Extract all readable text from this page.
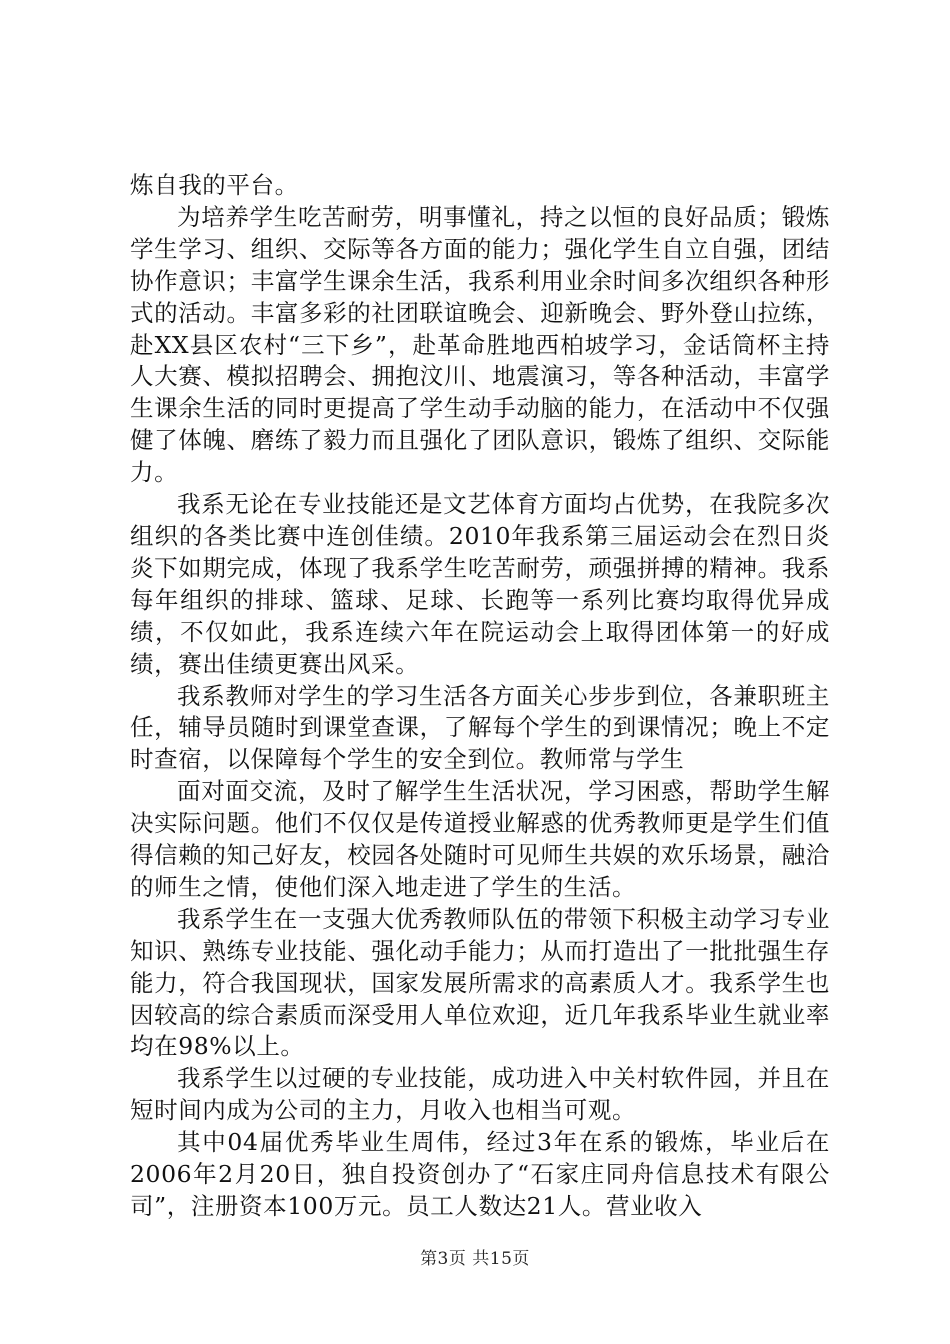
炼自我的平台。

为培养学生吃苦耐劳，明事懂礼，持之以恒的良好品质；锻炼学生学习、组织、交际等各方面的能力；强化学生自立自强，团结协作意识；丰富学生课余生活，我系利用业余时间多次组织各种形式的活动。丰富多彩的社团联谊晚会、迎新晚会、野外登山拉练，赴XX县区农村“三下乡”，赴革命胜地西柏坡学习，金话筒杯主持人大赛、模拟招聘会、拥抱汶川、地震演习，等各种活动，丰富学生课余生活的同时更提高了学生动手动脑的能力，在活动中不仅强健了体魄、磨练了毅力而且强化了团队意识，锻炼了组织、交际能力。

我系无论在专业技能还是文艺体育方面均占优势，在我院多次组织的各类比赛中连创佳绩。2010年我系第三届运动会在烈日炎炎下如期完成，体现了我系学生吃苦耐劳，顽强拼搏的精神。我系每年组织的排球、篮球、足球、长跑等一系列比赛均取得优异成绩，不仅如此，我系连续六年在院运动会上取得团体第一的好成绩，赛出佳绩更赛出风采。

我系教师对学生的学习生活各方面关心步步到位，各兼职班主任，辅导员随时到课堂查课，了解每个学生的到课情况；晚上不定时查宿，以保障每个学生的安全到位。教师常与学生

面对面交流，及时了解学生生活状况，学习困惑，帮助学生解决实际问题。他们不仅仅是传道授业解惑的优秀教师更是学生们值得信赖的知己好友，校园各处随时可见师生共娱的欢乐场景，融洽的师生之情，使他们深入地走进了学生的生活。

我系学生在一支强大优秀教师队伍的带领下积极主动学习专业知识、熟练专业技能、强化动手能力；从而打造出了一批批强生存能力，符合我国现状，国家发展所需求的高素质人才。我系学生也因较高的综合素质而深受用人单位欢迎，近几年我系毕业生就业率均在98%以上。

我系学生以过硬的专业技能，成功进入中关村软件园，并且在短时间内成为公司的主力，月收入也相当可观。

其中04届优秀毕业生周伟，经过3年在系的锻炼，毕业后在2006年2月20日，独自投资创办了“石家庄同舟信息技术有限公司”，注册资本100万元。员工人数达21人。营业收入

第3页 共15页
